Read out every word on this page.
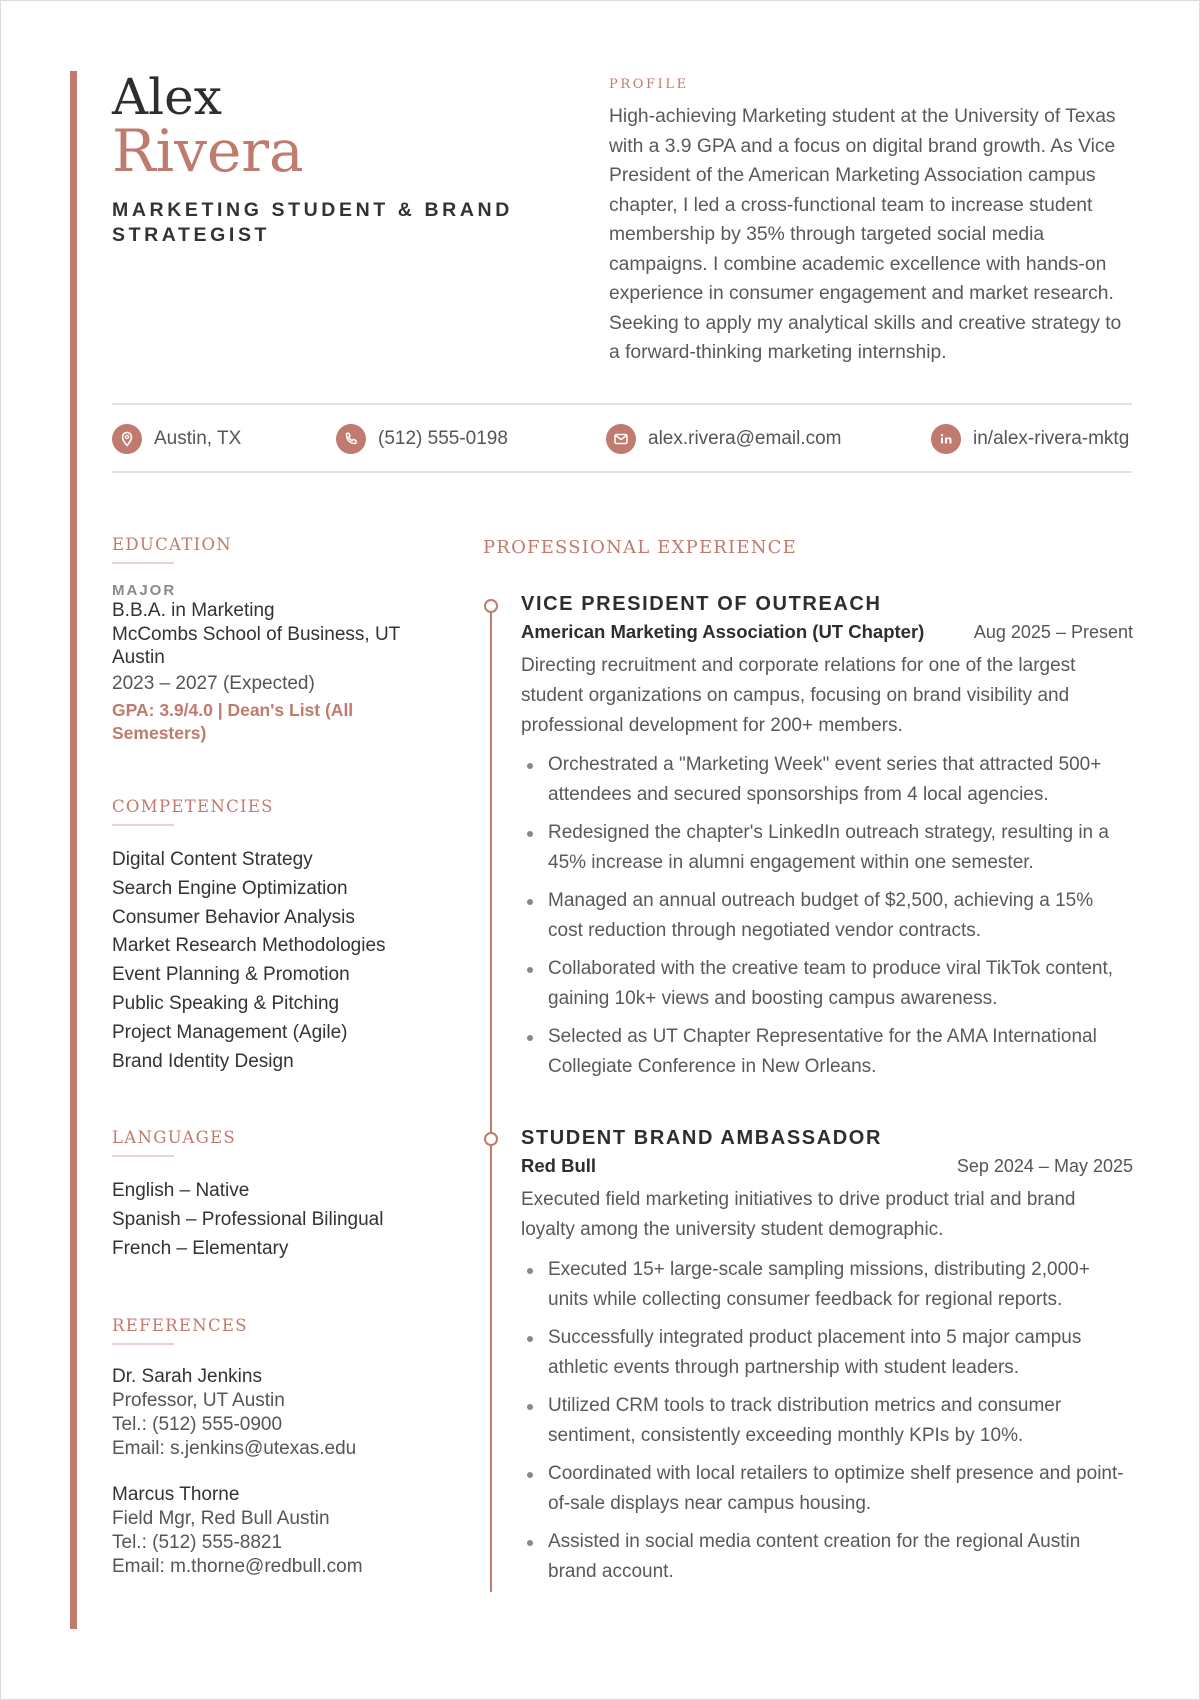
Alex
Rivera
MARKETING STUDENT & BRAND STRATEGIST
PROFILE
High-achieving Marketing student at the University of Texas with a 3.9 GPA and a focus on digital brand growth. As Vice President of the American Marketing Association campus chapter, I led a cross-functional team to increase student membership by 35% through targeted social media campaigns. I combine academic excellence with hands-on experience in consumer engagement and market research. Seeking to apply my analytical skills and creative strategy to a forward-thinking marketing internship.
Austin, TX	(512) 555-0198	alex.rivera@email.com	in/alex-rivera-mktg
EDUCATION
MAJOR
B.B.A. in Marketing
McCombs School of Business, UT Austin
2023 – 2027 (Expected)
GPA: 3.9/4.0 | Dean's List (All Semesters)
COMPETENCIES
Digital Content Strategy
Search Engine Optimization
Consumer Behavior Analysis
Market Research Methodologies
Event Planning & Promotion
Public Speaking & Pitching
Project Management (Agile)
Brand Identity Design
LANGUAGES
English – Native
Spanish – Professional Bilingual
French – Elementary
REFERENCES
Dr. Sarah Jenkins
Professor, UT Austin
Tel.: (512) 555-0900
Email: s.jenkins@utexas.edu
Marcus Thorne
Field Mgr, Red Bull Austin
Tel.: (512) 555-8821
Email: m.thorne@redbull.com
PROFESSIONAL EXPERIENCE
VICE PRESIDENT OF OUTREACH
American Marketing Association (UT Chapter)	Aug 2025 – Present
Directing recruitment and corporate relations for one of the largest student organizations on campus, focusing on brand visibility and professional development for 200+ members.
Orchestrated a "Marketing Week" event series that attracted 500+ attendees and secured sponsorships from 4 local agencies.
Redesigned the chapter's LinkedIn outreach strategy, resulting in a 45% increase in alumni engagement within one semester.
Managed an annual outreach budget of $2,500, achieving a 15% cost reduction through negotiated vendor contracts.
Collaborated with the creative team to produce viral TikTok content, gaining 10k+ views and boosting campus awareness.
Selected as UT Chapter Representative for the AMA International Collegiate Conference in New Orleans.
STUDENT BRAND AMBASSADOR
Red Bull	Sep 2024 – May 2025
Executed field marketing initiatives to drive product trial and brand loyalty among the university student demographic.
Executed 15+ large-scale sampling missions, distributing 2,000+ units while collecting consumer feedback for regional reports.
Successfully integrated product placement into 5 major campus athletic events through partnership with student leaders.
Utilized CRM tools to track distribution metrics and consumer sentiment, consistently exceeding monthly KPIs by 10%.
Coordinated with local retailers to optimize shelf presence and point-of-sale displays near campus housing.
Assisted in social media content creation for the regional Austin brand account.
